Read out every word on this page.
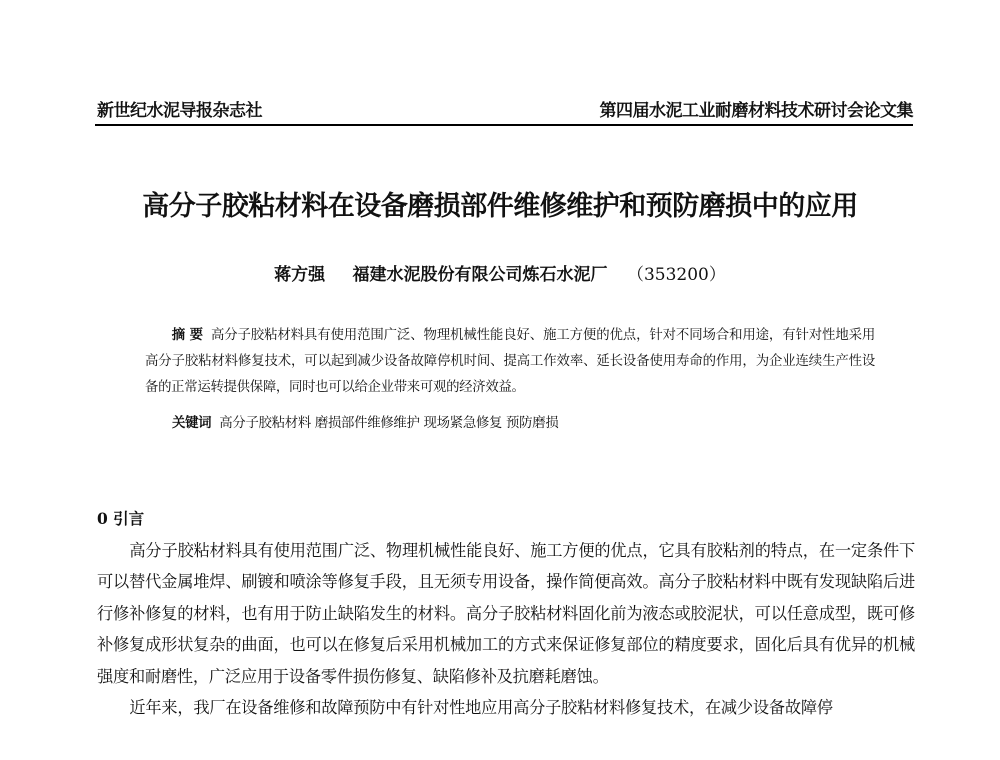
新世纪水泥导报杂志社	第四届水泥工业耐磨材料技术研讨会论文集
高分子胶粘材料在设备磨损部件维修维护和预防磨损中的应用
蒋方强 福建水泥股份有限公司炼石水泥厂 （353200）
摘 要 高分子胶粘材料具有使用范围广泛、物理机械性能良好、施工方便的优点，针对不同场合和用途，有针对性地采用高分子胶粘材料修复技术，可以起到减少设备故障停机时间、提高工作效率、延长设备使用寿命的作用，为企业连续生产性设备的正常运转提供保障，同时也可以给企业带来可观的经济效益。
关键词 高分子胶粘材料 磨损部件维修维护 现场紧急修复 预防磨损
0 引言

高分子胶粘材料具有使用范围广泛、物理机械性能良好、施工方便的优点，它具有胶粘剂的特点，在一定条件下可以替代金属堆焊、刷镀和喷涂等修复手段，且无须专用设备，操作简便高效。高分子胶粘材料中既有发现缺陷后进行修补修复的材料，也有用于防止缺陷发生的材料。高分子胶粘材料固化前为液态或胶泥状，可以任意成型，既可修补修复成形状复杂的曲面，也可以在修复后采用机械加工的方式来保证修复部位的精度要求，固化后具有优异的机械强度和耐磨性，广泛应用于设备零件损伤修复、缺陷修补及抗磨耗磨蚀。

近年来，我厂在设备维修和故障预防中有针对性地应用高分子胶粘材料修复技术，在减少设备故障停
